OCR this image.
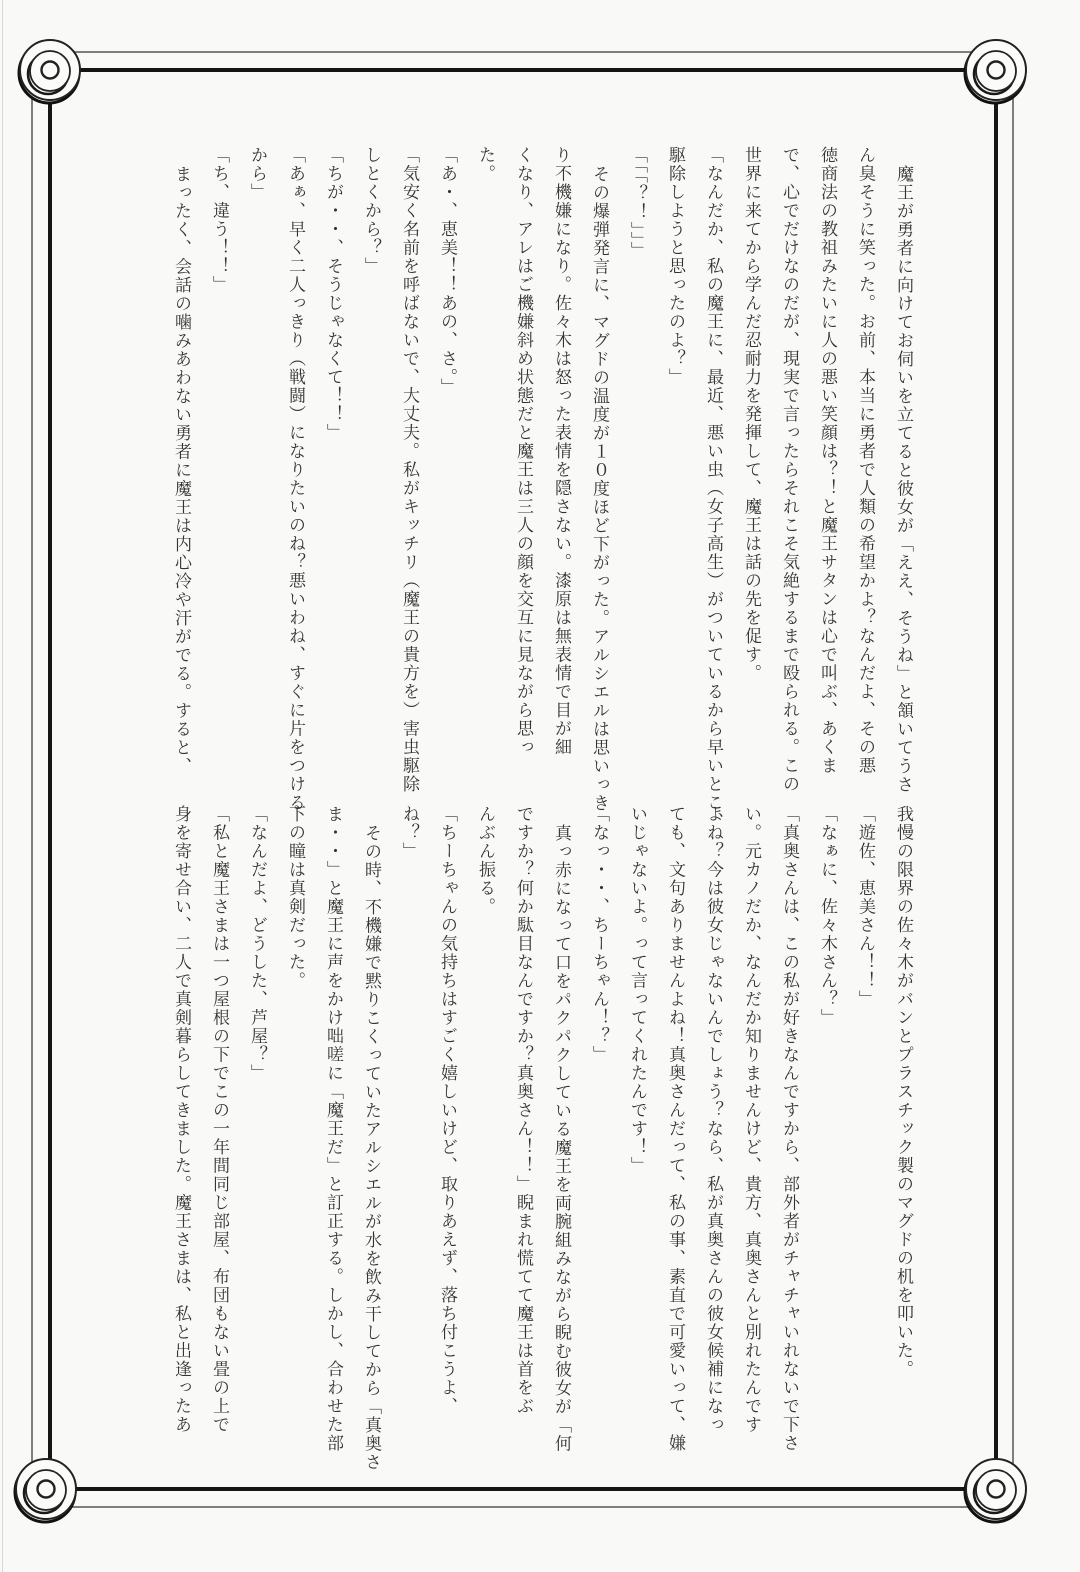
魔王が勇者に向けてお伺いを立てると彼女が「ええ、そうね」と頷いてうさ

ん臭そうに笑った。お前、本当に勇者で人類の希望かよ？なんだよ、その悪

徳商法の教祖みたいに人の悪い笑顔は？！と魔王サタンは心で叫ぶ、あくま

で、心でだけなのだが、現実で言ったらそれこそ気絶するまで殴られる。この

世界に来てから学んだ忍耐力を発揮して、魔王は話の先を促す。

「なんだか、私の魔王に、最近、悪い虫（女子高生）がついているから早いとこ、

駆除しようと思ったのよ？」

「「「？！」」」

その爆弾発言に、マグドの温度が１０度ほど下がった。アルシエルは思いっき

り不機嫌になり。佐々木は怒った表情を隠さない。漆原は無表情で目が細

くなり、アレはご機嫌斜め状態だと魔王は三人の顔を交互に見ながら思っ

た。

「あ・、恵美！！あの、さ。」

「気安く名前を呼ばないで、大丈夫。私がキッチリ（魔王の貴方を）害虫駆除

しとくから？」

「ちが・・、そうじゃなくて！！」

「あぁ、早く二人っきり（戦闘）になりたいのね？悪いわね、すぐに片をつける

から」

「ち、違う！！」

まったく、会話の噛みあわない勇者に魔王は内心冷や汗がでる。すると、

我慢の限界の佐々木がバンとプラスチック製のマグドの机を叩いた。

「遊佐、恵美さん！！」

「なぁに、佐々木さん？」

「真奥さんは、この私が好きなんですから、部外者がチャチャいれないで下さ

い。元カノだか、なんだか知りませんけど、貴方、真奥さんと別れたんです

よね？今は彼女じゃないんでしょう？なら、私が真奥さんの彼女候補になっ

ても、文句ありませんよね！真奥さんだって、私の事、素直で可愛いって、嫌

いじゃないよ。って言ってくれたんです！」

「なっ・・、ちーちゃん！？」

真っ赤になって口をパクパクしている魔王を両腕組みながら睨む彼女が「何

ですか？何か駄目なんですか？真奥さん！！」睨まれ慌てて魔王は首をぶ

んぶん振る。

「ちーちゃんの気持ちはすごく嬉しいけど、取りあえず、落ち付こうよ、

ね？」

その時、不機嫌で黙りこくっていたアルシエルが水を飲み干してから「真奥さ

ま・・」と魔王に声をかけ咄嗟に「魔王だ」と訂正する。しかし、合わせた部

下の瞳は真剣だった。

「なんだよ、どうした、芦屋？」

「私と魔王さまは一つ屋根の下でこの一年間同じ部屋、布団もない畳の上で

身を寄せ合い、二人で真剣暮らしてきました。魔王さまは、私と出逢ったあ
